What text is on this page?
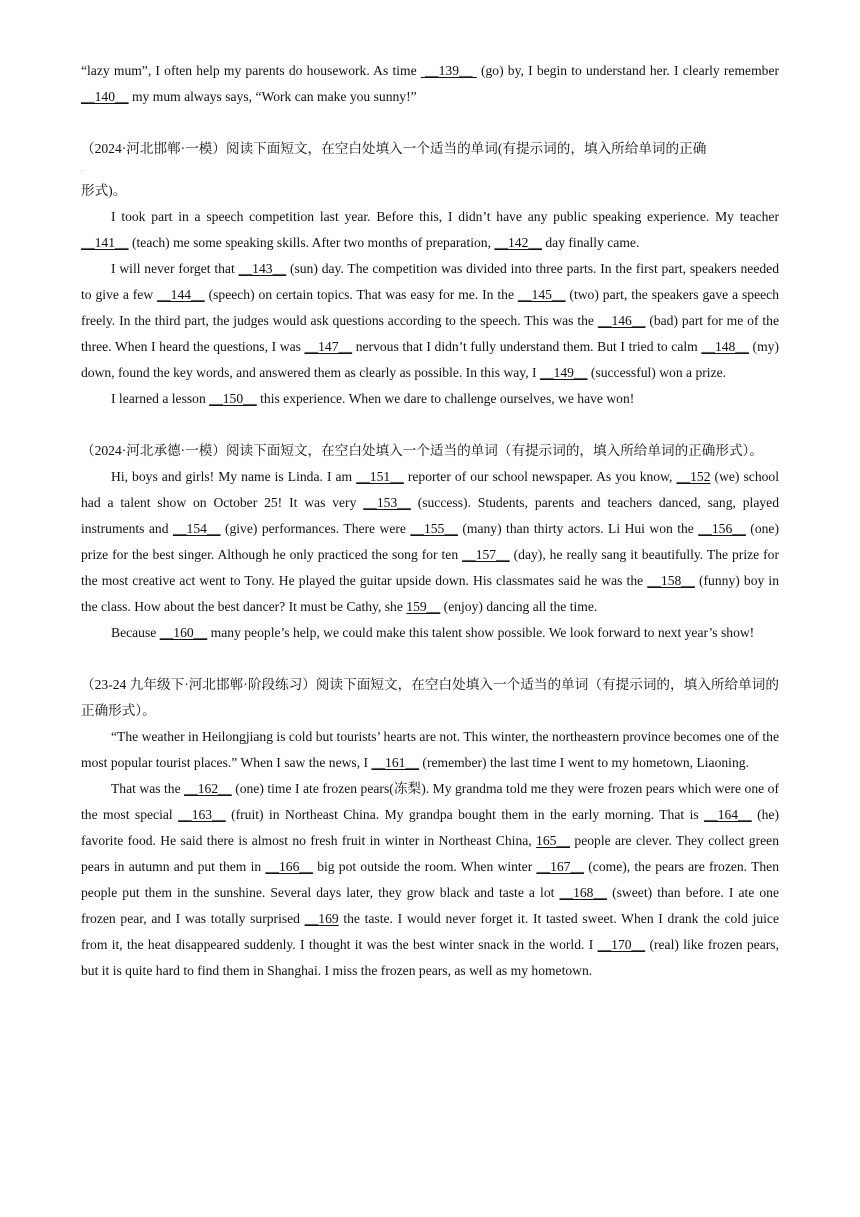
“lazy mum”, I often help my parents do housework. As time  __139__  (go) by, I begin to understand her. I clearly remember __140__ my mum always says, “Work can make you sunny!”

（2024·河北邯郸·一模）阅读下面短文，在空白处填入一个适当的单词(有提示词的，填入所给单词的正确

.

形式)。

I took part in a speech competition last year. Before this, I didn’t have any public speaking experience. My teacher __141__ (teach) me some speaking skills. After two months of preparation, __142__ day finally came.

I will never forget that __143__ (sun) day. The competition was divided into three parts. In the first part, speakers needed to give a few __144__ (speech) on certain topics. That was easy for me. In the __145__ (two) part, the speakers gave a speech freely. In the third part, the judges would ask questions according to the speech. This was the __146__ (bad) part for me of the three. When I heard the questions, I was __147__ nervous that I didn’t fully understand them. But I tried to calm __148__ (my) down, found the key words, and answered them as clearly as possible. In this way, I __149__ (successful) won a prize.

I learned a lesson __150__ this experience. When we dare to challenge ourselves, we have won!

（2024·河北承德·一模）阅读下面短文，在空白处填入一个适当的单词（有提示词的，填入所给单词的正确形式）。

Hi, boys and girls! My name is Linda. I am __151__ reporter of our school newspaper. As you know, __152 (we) school had a talent show on October 25! It was very __153__ (success). Students, parents and teachers danced, sang, played instruments and __154__ (give) performances. There were __155__ (many) than thirty actors. Li Hui won the __156__ (one) prize for the best singer. Although he only practiced the song for ten __157__ (day), he really sang it beautifully. The prize for the most creative act went to Tony. He played the guitar upside down. His classmates said he was the __158__ (funny) boy in the class. How about the best dancer? It must be Cathy, she 159__ (enjoy) dancing all the time.

Because __160__ many people’s help, we could make this talent show possible. We look forward to next year’s show!

（23-24 九年级下·河北邯郸·阶段练习）阅读下面短文，在空白处填入一个适当的单词（有提示词的，填入所给单词的正确形式）。

“The weather in Heilongjiang is cold but tourists’ hearts are not. This winter, the northeastern province becomes one of the most popular tourist places.” When I saw the news, I __161__ (remember) the last time I went to my hometown, Liaoning.

That was the __162__ (one) time I ate frozen pears(冻梨). My grandma told me they were frozen pears which were one of the most special __163__ (fruit) in Northeast China. My grandpa bought them in the early morning. That is __164__ (he) favorite food. He said there is almost no fresh fruit in winter in Northeast China, 165__ people are clever. They collect green pears in autumn and put them in __166__ big pot outside the room. When winter __167__ (come), the pears are frozen. Then people put them in the sunshine. Several days later, they grow black and taste a lot __168__ (sweet) than before. I ate one frozen pear, and I was totally surprised __169 the taste. I would never forget it. It tasted sweet. When I drank the cold juice from it, the heat disappeared suddenly. I thought it was the best winter snack in the world. I __170__ (real) like frozen pears, but it is quite hard to find them in Shanghai. I miss the frozen pears, as well as my hometown.
